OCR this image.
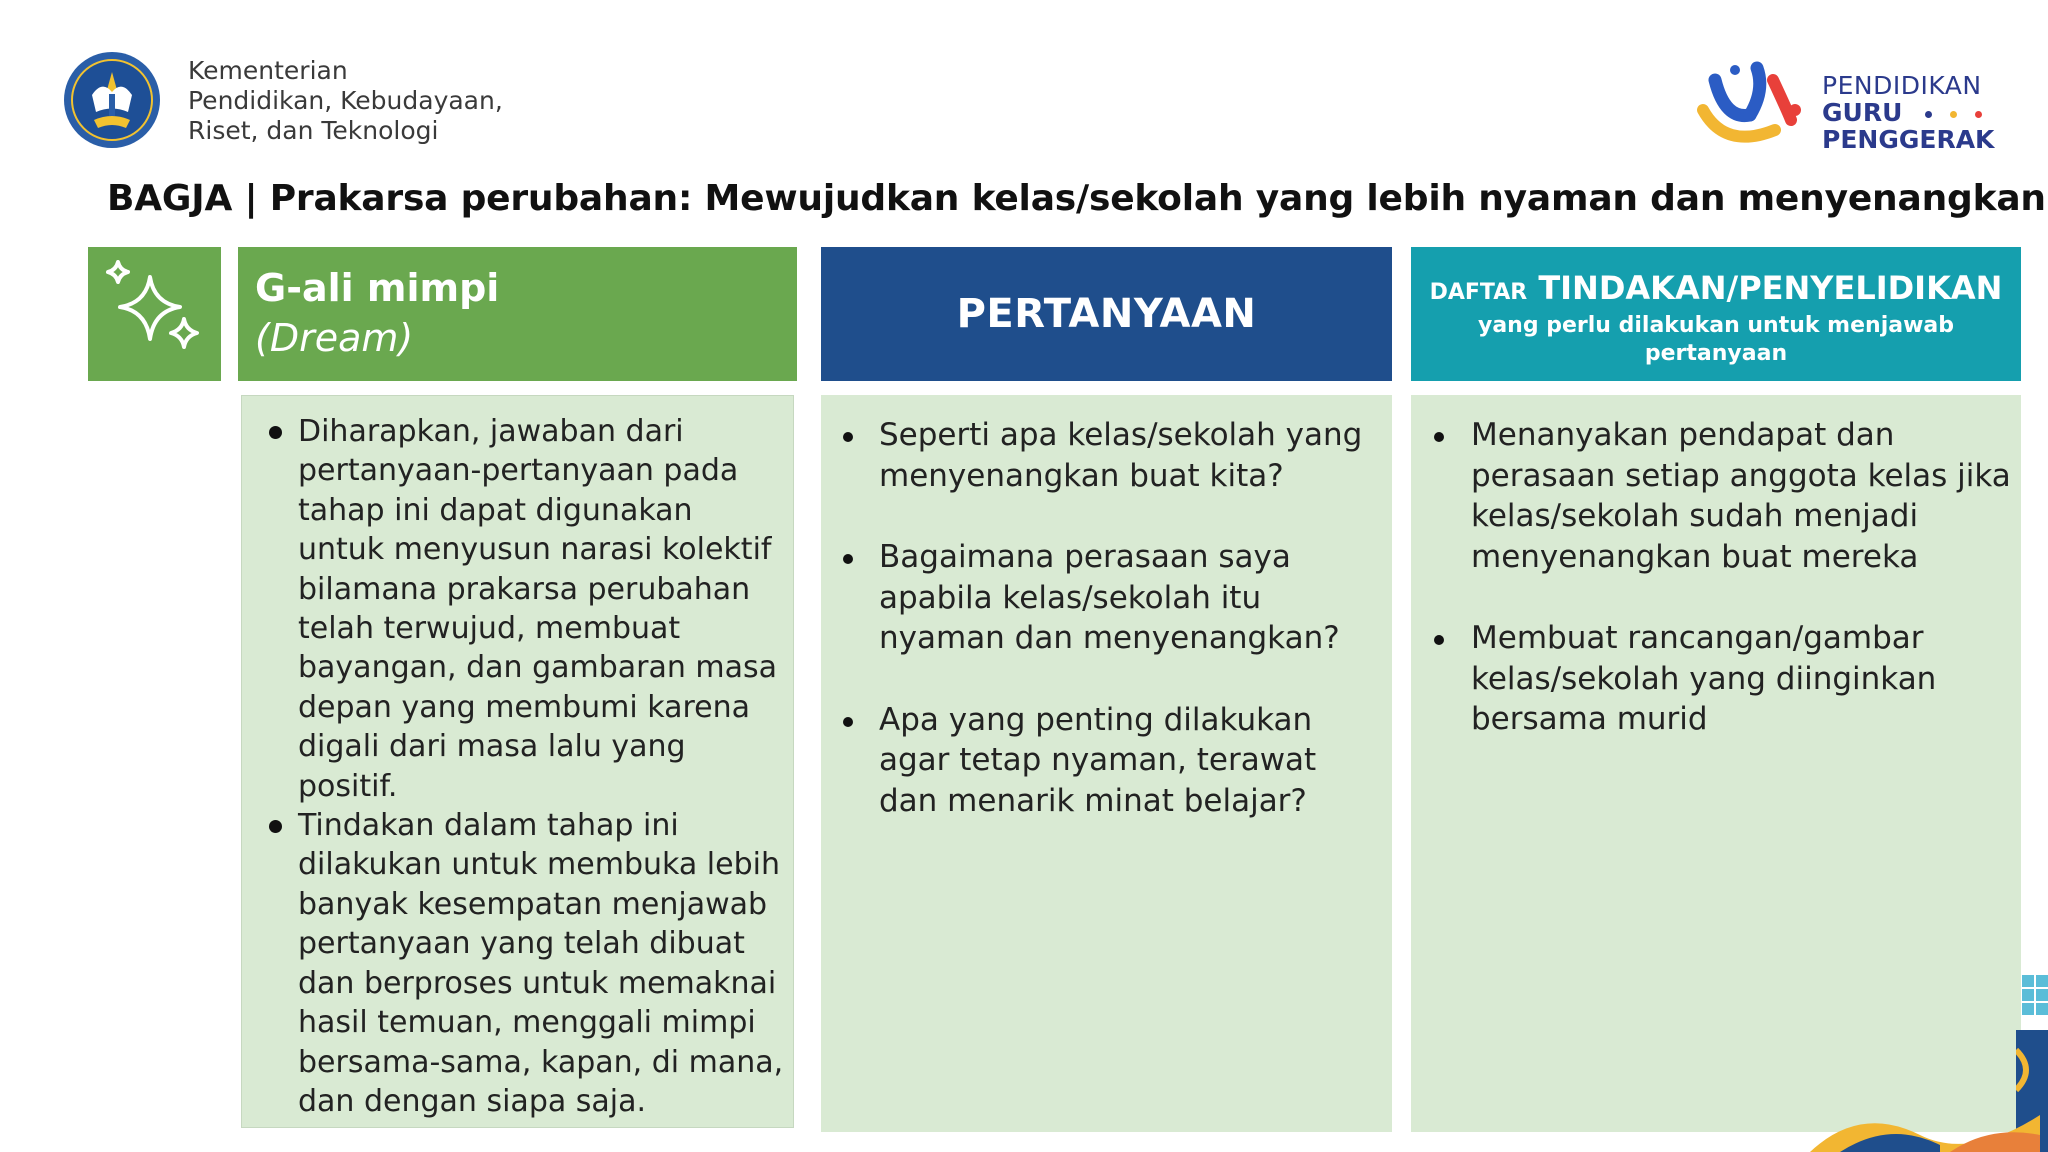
Kementerian
Pendidikan, Kebudayaan,
Riset, dan Teknologi
PENDIDIKAN
GURU
PENGGERAK
BAGJA | Prakarsa perubahan: Mewujudkan kelas/sekolah yang lebih nyaman dan menyenangkan
G-ali mimpi
(Dream)
PERTANYAAN	DAFTAR TINDAKAN/PENYELIDIKAN
yang perlu dilakukan untuk menjawab pertanyaan
Diharapkan, jawaban dari pertanyaan-pertanyaan pada tahap ini dapat digunakan untuk menyusun narasi kolektif bilamana prakarsa perubahan telah terwujud, membuat bayangan, dan gambaran masa depan yang membumi karena digali dari masa lalu yang positif.
Tindakan dalam tahap ini dilakukan untuk membuka lebih banyak kesempatan menjawab pertanyaan yang telah dibuat dan berproses untuk memaknai hasil temuan, menggali mimpi bersama-sama, kapan, di mana, dan dengan siapa saja.
Seperti apa kelas/sekolah yang menyenangkan buat kita?
Bagaimana perasaan saya apabila kelas/sekolah itu nyaman dan menyenangkan?
Apa yang penting dilakukan agar tetap nyaman, terawat dan menarik minat belajar?
Menanyakan pendapat dan perasaan setiap anggota kelas jika kelas/sekolah sudah menjadi menyenangkan buat mereka
Membuat rancangan/gambar kelas/sekolah yang diinginkan bersama murid
